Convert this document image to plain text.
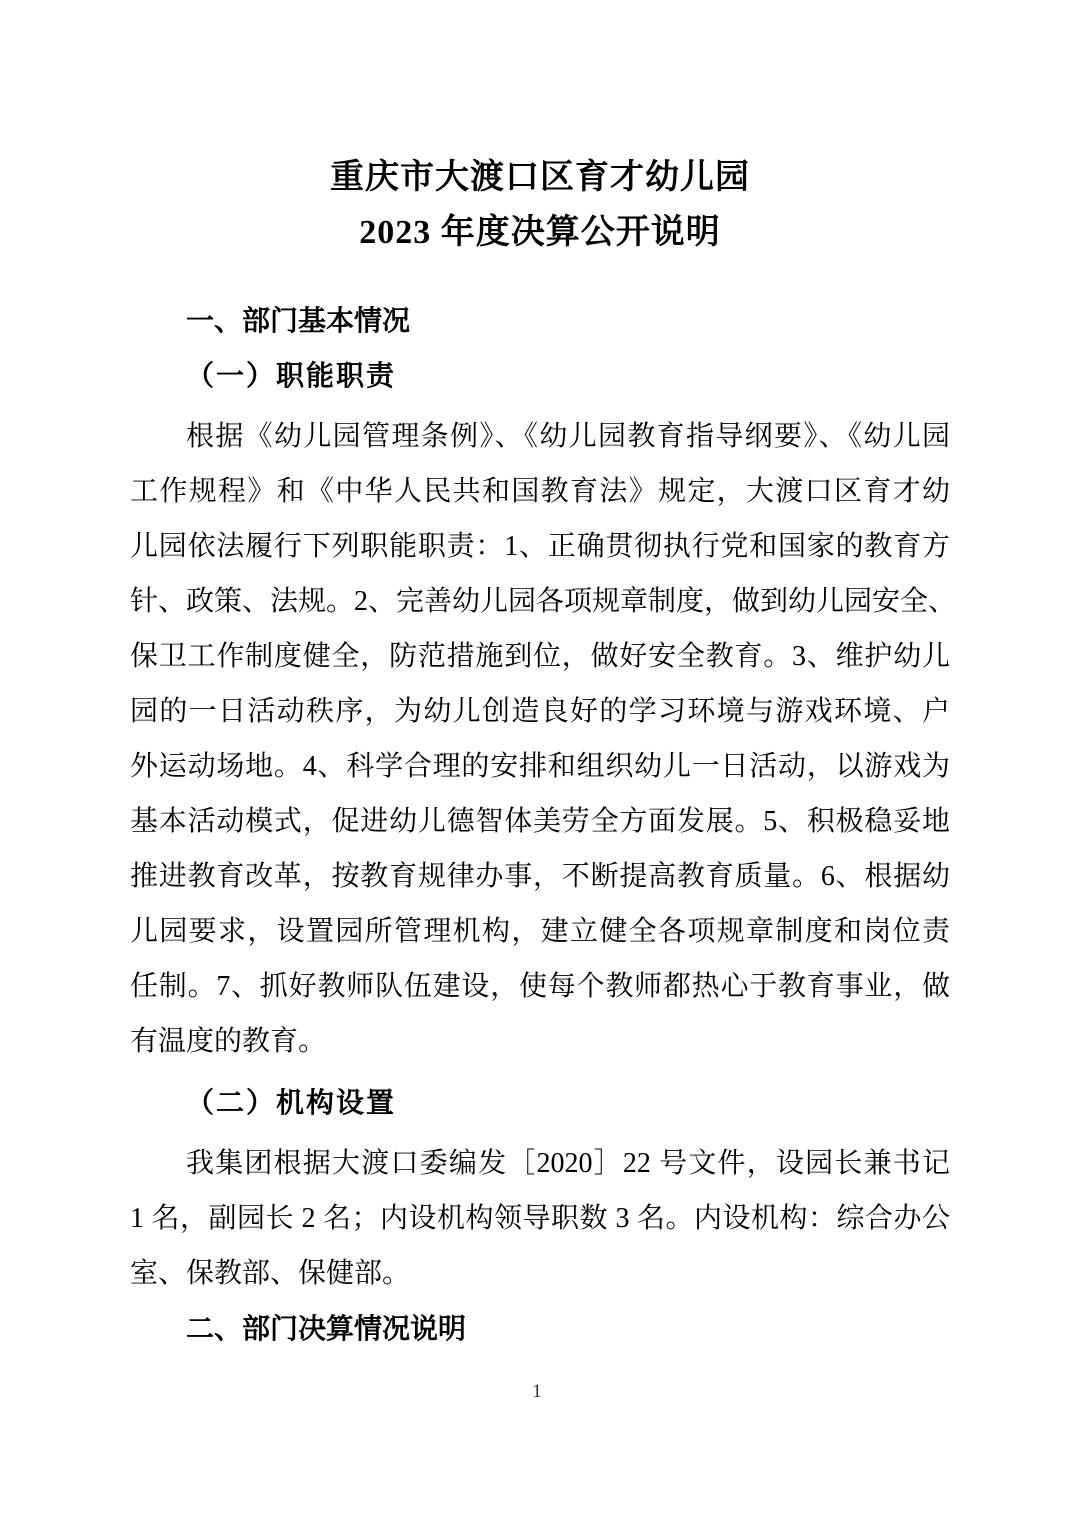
重庆市大渡口区育才幼儿园
2023 年度决算公开说明
一、部门基本情况
（一）职能职责
根据《幼儿园管理条例》、《幼儿园教育指导纲要》、《幼儿园
工作规程》和《中华人民共和国教育法》规定，大渡口区育才幼
儿园依法履行下列职能职责：1、正确贯彻执行党和国家的教育方
针、政策、法规。2、完善幼儿园各项规章制度，做到幼儿园安全、
保卫工作制度健全，防范措施到位，做好安全教育。3、维护幼儿
园的一日活动秩序，为幼儿创造良好的学习环境与游戏环境、户
外运动场地。4、科学合理的安排和组织幼儿一日活动，以游戏为
基本活动模式，促进幼儿德智体美劳全方面发展。5、积极稳妥地
推进教育改革，按教育规律办事，不断提高教育质量。6、根据幼
儿园要求，设置园所管理机构，建立健全各项规章制度和岗位责
任制。7、抓好教师队伍建设，使每个教师都热心于教育事业，做
有温度的教育。
（二）机构设置
我集团根据大渡口委编发［2020］22 号文件，设园长兼书记
1 名，副园长 2 名；内设机构领导职数 3 名。内设机构：综合办公
室、保教部、保健部。
二、部门决算情况说明
1
